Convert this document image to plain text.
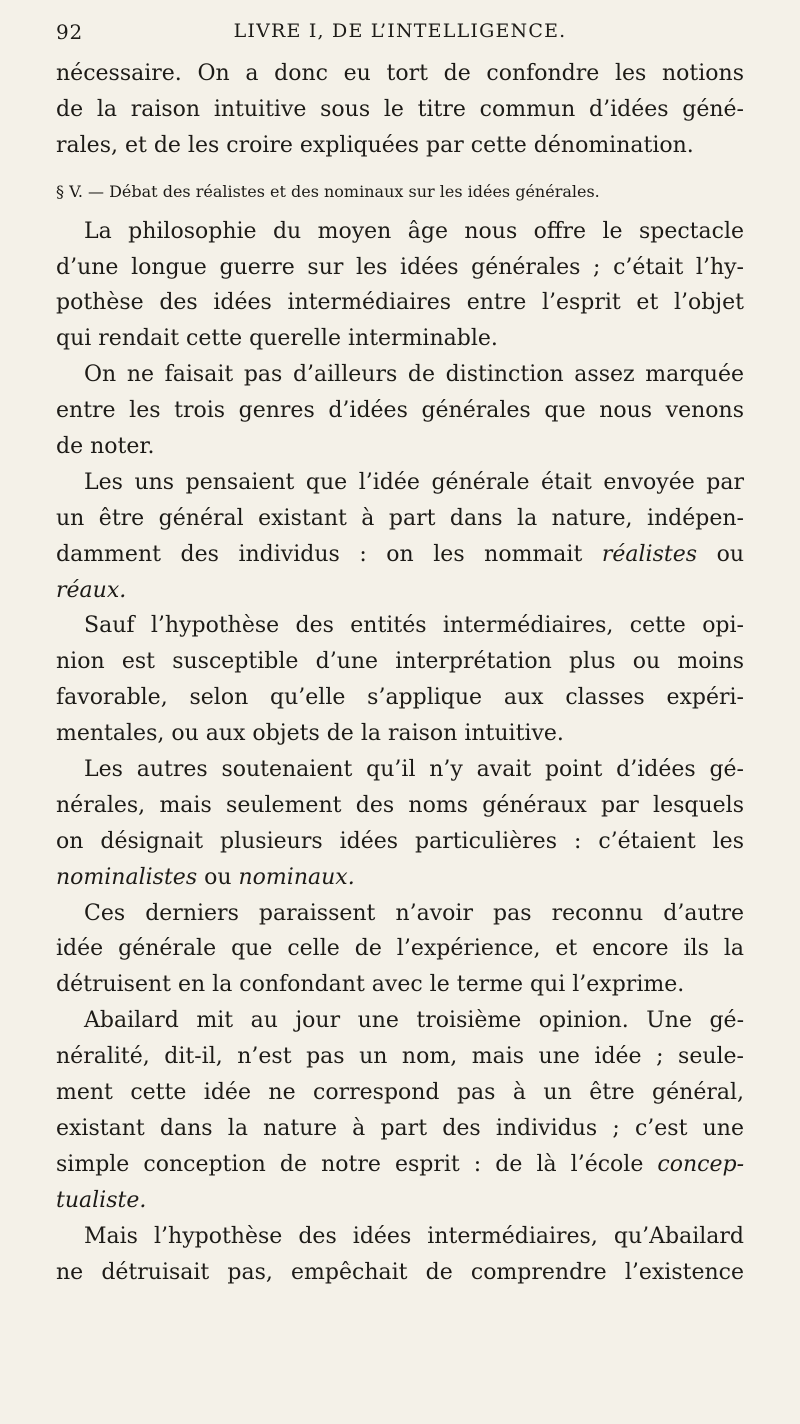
92	LIVRE I, DE L’INTELLIGENCE.
nécessaire. On a donc eu tort de confondre les notions
de la raison intuitive sous le titre commun d’idées géné-
rales, et de les croire expliquées par cette dénomination.
§ V. — Débat des réalistes et des nominaux sur les idées générales.
La philosophie du moyen âge nous offre le spectacle
d’une longue guerre sur les idées générales ; c’était l’hy-
pothèse des idées intermédiaires entre l’esprit et l’objet
qui rendait cette querelle interminable.
On ne faisait pas d’ailleurs de distinction assez marquée
entre les trois genres d’idées générales que nous venons
de noter.
Les uns pensaient que l’idée générale était envoyée par
un être général existant à part dans la nature, indépen-
damment des individus : on les nommait réalistes ou
réaux.
Sauf l’hypothèse des entités intermédiaires, cette opi-
nion est susceptible d’une interprétation plus ou moins
favorable, selon qu’elle s’applique aux classes expéri-
mentales, ou aux objets de la raison intuitive.
Les autres soutenaient qu’il n’y avait point d’idées gé-
nérales, mais seulement des noms généraux par lesquels
on désignait plusieurs idées particulières : c’étaient les
nominalistes ou nominaux.
Ces derniers paraissent n’avoir pas reconnu d’autre
idée générale que celle de l’expérience, et encore ils la
détruisent en la confondant avec le terme qui l’exprime.
Abailard mit au jour une troisième opinion. Une gé-
néralité, dit-il, n’est pas un nom, mais une idée ; seule-
ment cette idée ne correspond pas à un être général,
existant dans la nature à part des individus ; c’est une
simple conception de notre esprit : de là l’école concep-
tualiste.
Mais l’hypothèse des idées intermédiaires, qu’Abailard
ne détruisait pas, empêchait de comprendre l’existence
